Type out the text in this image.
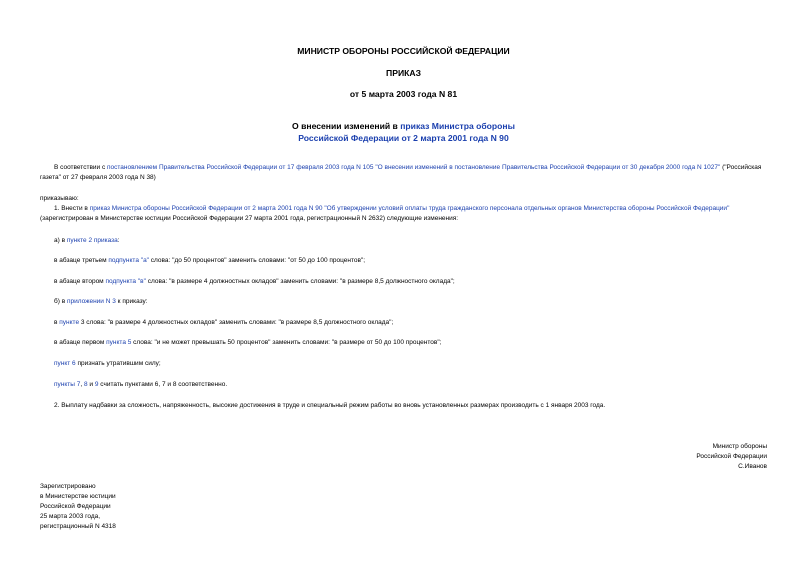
МИНИСТР ОБОРОНЫ РОССИЙСКОЙ ФЕДЕРАЦИИ
ПРИКАЗ
от 5 марта 2003 года N 81
О внесении изменений в приказ Министра обороны
Российской Федерации от 2 марта 2001 года N 90
В соответствии с постановлением Правительства Российской Федерации от 17 февраля 2003 года N 105 "О внесении изменений в постановление Правительства Российской Федерации от 30 декабря 2000 года N 1027" ("Российская газета" от 27 февраля 2003 года N 38)
приказываю:
1. Внести в приказ Министра обороны Российской Федерации от 2 марта 2001 года N 90 "Об утверждении условий оплаты труда гражданского персонала отдельных органов Министерства обороны Российской Федерации" (зарегистрирован в Министерстве юстиции Российской Федерации 27 марта 2001 года, регистрационный N 2632) следующие изменения:
а) в пункте 2 приказа:
в абзаце третьем подпункта "а" слова: "до 50 процентов" заменить словами: "от 50 до 100 процентов";
в абзаце втором подпункта "в" слова: "в размере 4 должностных окладов" заменить словами: "в размере 8,5 должностного оклада";
б) в приложении N 3 к приказу:
в пункте 3 слова: "в размере 4 должностных окладов" заменить словами: "в размере 8,5 должностного оклада";
в абзаце первом пункта 5 слова: "и не может превышать 50 процентов" заменить словами: "в размере от 50 до 100 процентов";
пункт 6 признать утратившим силу;
пункты 7, 8 и 9 считать пунктами 6, 7 и 8 соответственно.
2. Выплату надбавки за сложность, напряженность, высокие достижения в труде и специальный режим работы во вновь установленных размерах производить с 1 января 2003 года.
Министр обороны
Российской Федерации
С.Иванов
Зарегистрировано
в Министерстве юстиции
Российской Федерации
25 марта 2003 года,
регистрационный N 4318
